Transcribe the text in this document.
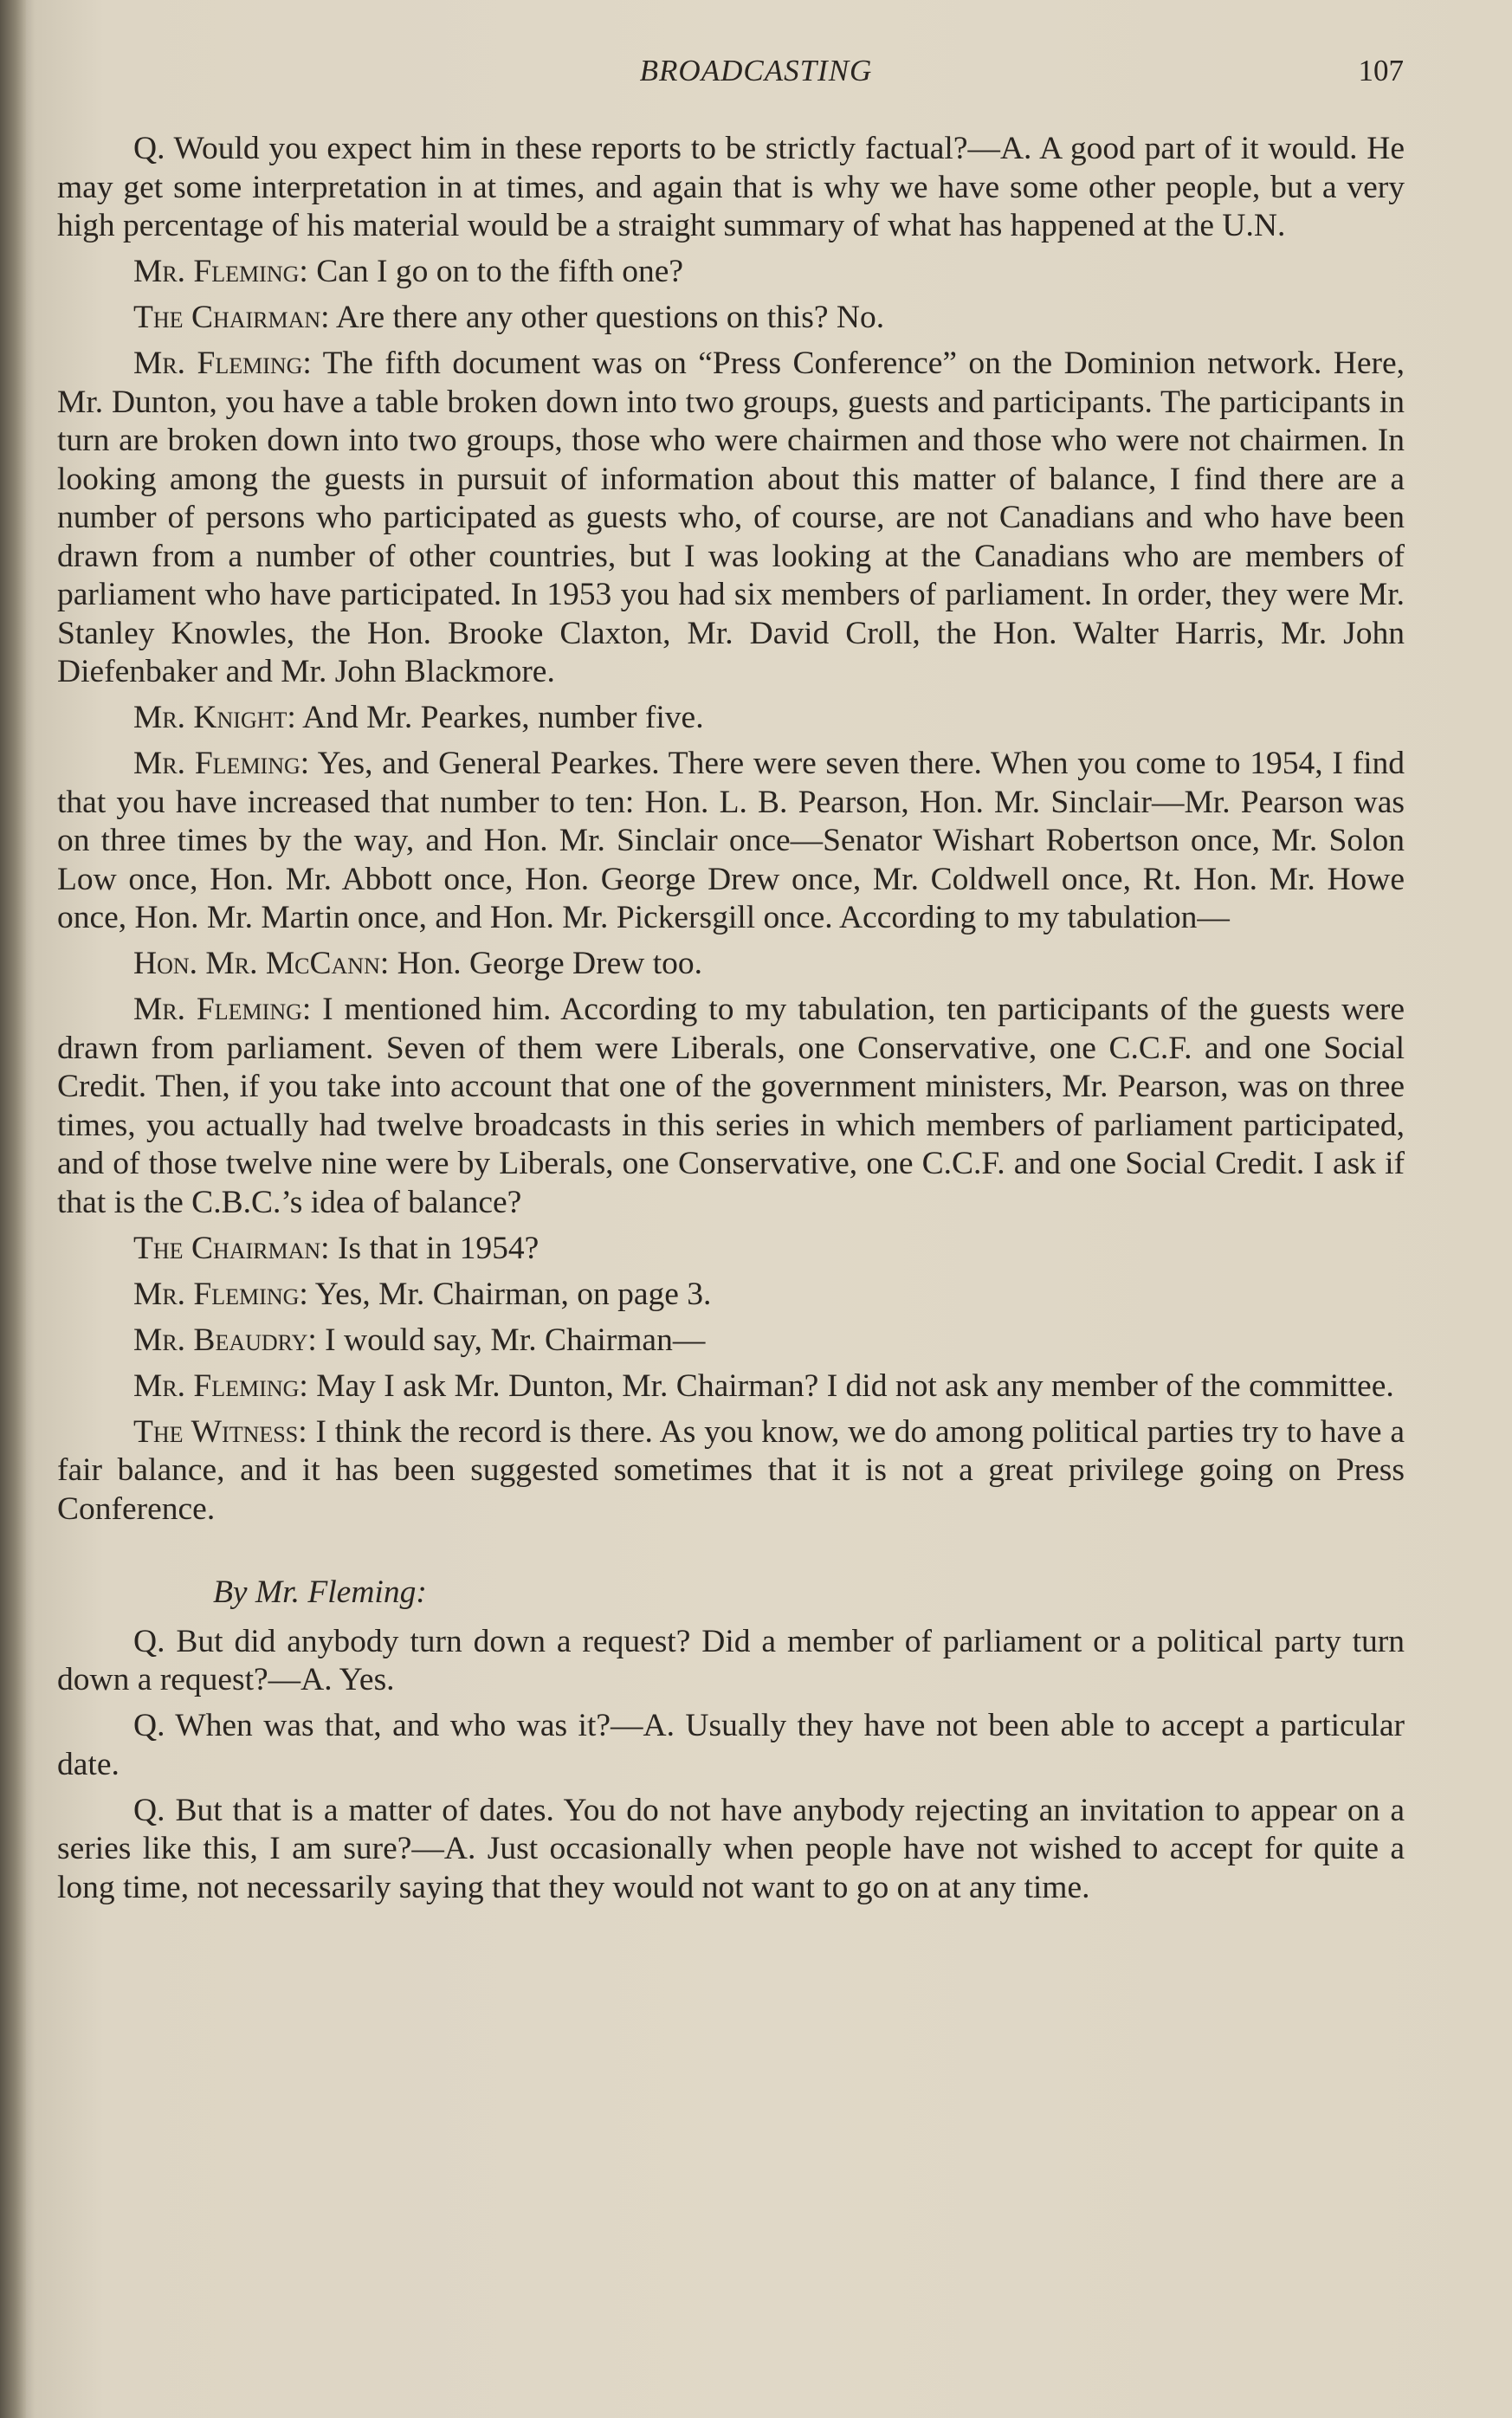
BROADCASTING	107

Q. Would you expect him in these reports to be strictly factual?—A. A good part of it would. He may get some interpretation in at times, and again that is why we have some other people, but a very high percentage of his material would be a straight summary of what has happened at the U.N.

Mr. Fleming: Can I go on to the fifth one?

The Chairman: Are there any other questions on this? No.

Mr. Fleming: The fifth document was on “Press Conference” on the Dominion network. Here, Mr. Dunton, you have a table broken down into two groups, guests and participants. The participants in turn are broken down into two groups, those who were chairmen and those who were not chairmen. In looking among the guests in pursuit of information about this matter of balance, I find there are a number of persons who participated as guests who, of course, are not Canadians and who have been drawn from a number of other countries, but I was looking at the Canadians who are members of parliament who have participated. In 1953 you had six members of parliament. In order, they were Mr. Stanley Knowles, the Hon. Brooke Claxton, Mr. David Croll, the Hon. Walter Harris, Mr. John Diefenbaker and Mr. John Blackmore.

Mr. Knight: And Mr. Pearkes, number five.

Mr. Fleming: Yes, and General Pearkes. There were seven there. When you come to 1954, I find that you have increased that number to ten: Hon. L. B. Pearson, Hon. Mr. Sinclair—Mr. Pearson was on three times by the way, and Hon. Mr. Sinclair once—Senator Wishart Robertson once, Mr. Solon Low once, Hon. Mr. Abbott once, Hon. George Drew once, Mr. Coldwell once, Rt. Hon. Mr. Howe once, Hon. Mr. Martin once, and Hon. Mr. Pickersgill once. According to my tabulation—

Hon. Mr. McCann: Hon. George Drew too.

Mr. Fleming: I mentioned him. According to my tabulation, ten participants of the guests were drawn from parliament. Seven of them were Liberals, one Conservative, one C.C.F. and one Social Credit. Then, if you take into account that one of the government ministers, Mr. Pearson, was on three times, you actually had twelve broadcasts in this series in which members of parliament participated, and of those twelve nine were by Liberals, one Conservative, one C.C.F. and one Social Credit. I ask if that is the C.B.C.’s idea of balance?

The Chairman: Is that in 1954?

Mr. Fleming: Yes, Mr. Chairman, on page 3.

Mr. Beaudry: I would say, Mr. Chairman—

Mr. Fleming: May I ask Mr. Dunton, Mr. Chairman? I did not ask any member of the committee.

The Witness: I think the record is there. As you know, we do among political parties try to have a fair balance, and it has been suggested sometimes that it is not a great privilege going on Press Conference.

By Mr. Fleming:

Q. But did anybody turn down a request? Did a member of parliament or a political party turn down a request?—A. Yes.

Q. When was that, and who was it?—A. Usually they have not been able to accept a particular date.

Q. But that is a matter of dates. You do not have anybody rejecting an invitation to appear on a series like this, I am sure?—A. Just occasionally when people have not wished to accept for quite a long time, not necessarily saying that they would not want to go on at any time.
